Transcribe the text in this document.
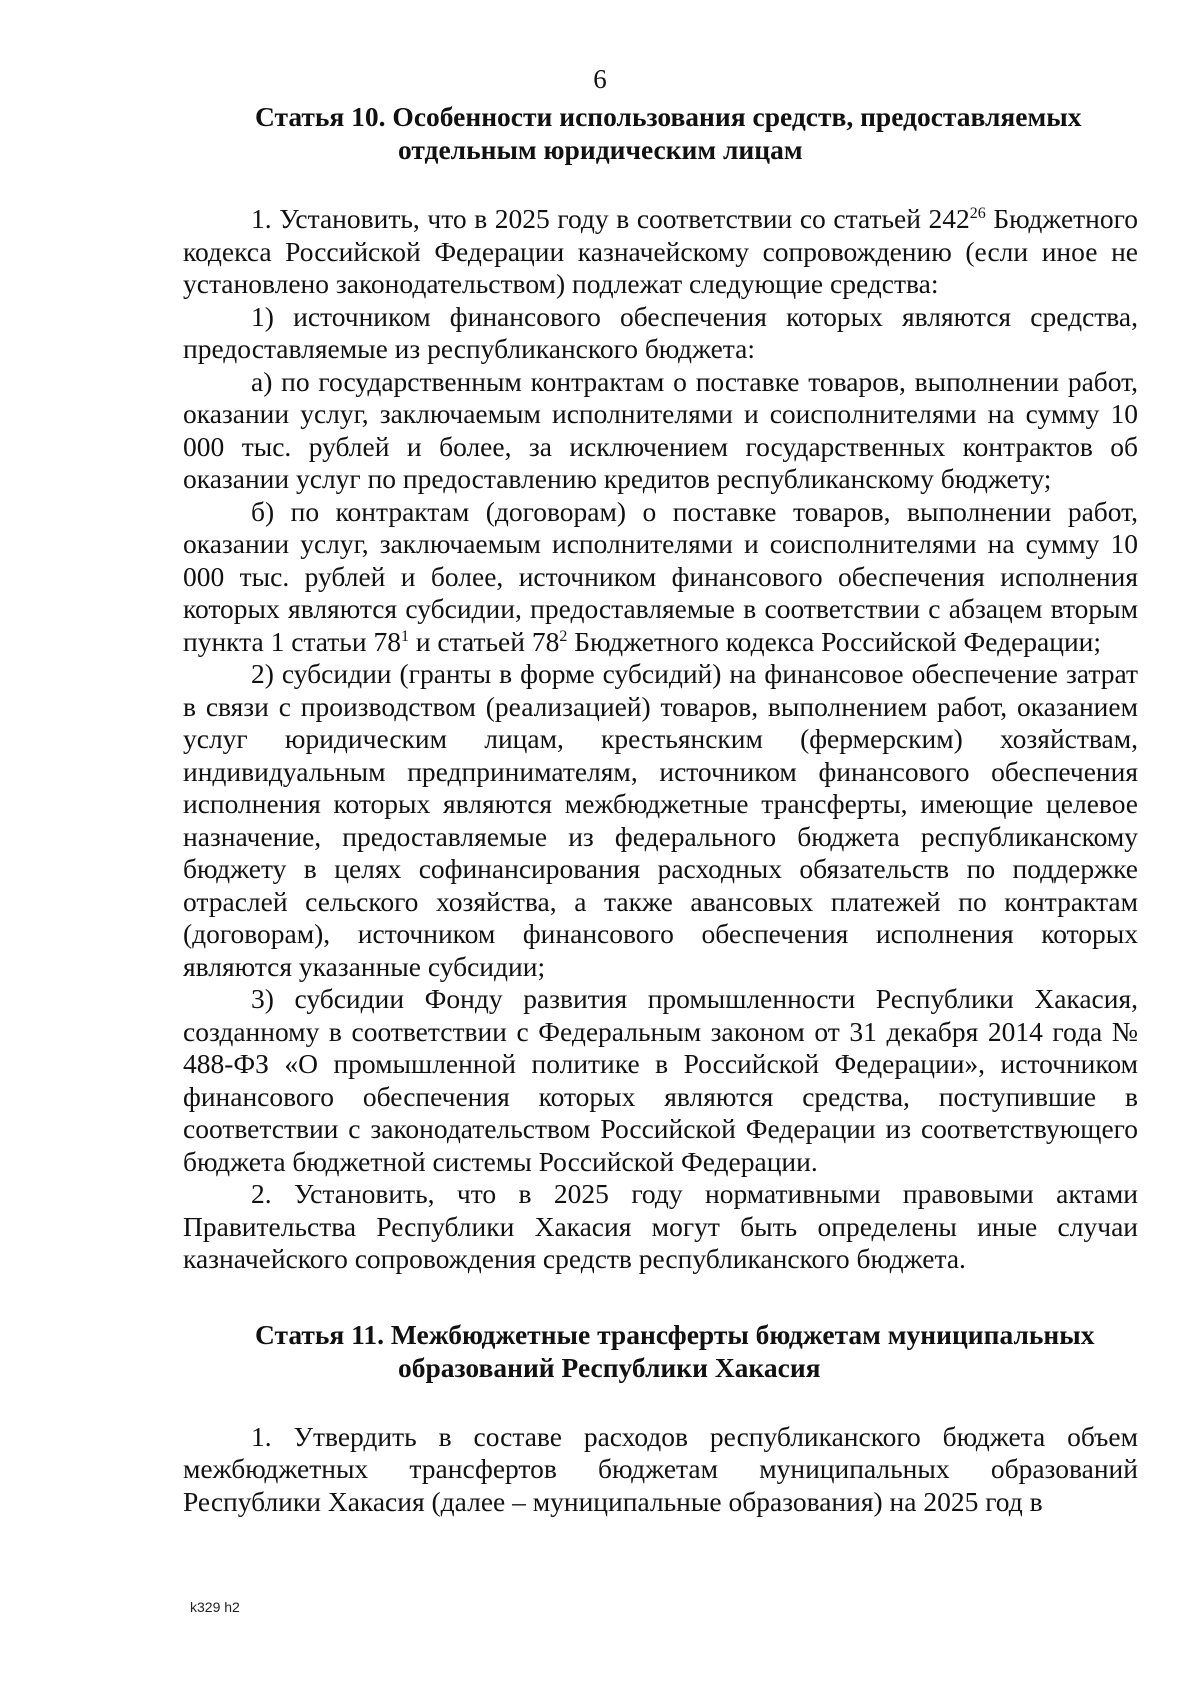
6
Статья 10. Особенности использования средств, предоставляемых
отдельным юридическим лицам

1. Установить, что в 2025 году в соответствии со статьей $242^{26}$ Бюджетного кодекса Российской Федерации казначейскому сопровождению (если иное не установлено законодательством) подлежат следующие средства:

1) источником финансового обеспечения которых являются средства, предоставляемые из республиканского бюджета:

а) по государственным контрактам о поставке товаров, выполнении работ, оказании услуг, заключаемым исполнителями и соисполнителями на сумму 10 000 тыс. рублей и более, за исключением государственных контрактов об оказании услуг по предоставлению кредитов республиканскому бюджету;

б) по контрактам (договорам) о поставке товаров, выполнении работ, оказании услуг, заключаемым исполнителями и соисполнителями на сумму 10 000 тыс. рублей и более, источником финансового обеспечения исполнения которых являются субсидии, предоставляемые в соответствии с абзацем вторым пункта 1 статьи $78^1$ и статьей $78^2$ Бюджетного кодекса Российской Федерации;

2) субсидии (гранты в форме субсидий) на финансовое обеспечение затрат в связи с производством (реализацией) товаров, выполнением работ, оказанием услуг юридическим лицам, крестьянским (фермерским) хозяйствам, индивидуальным предпринимателям, источником финансового обеспечения исполнения которых являются межбюджетные трансферты, имеющие целевое назначение, предоставляемые из федерального бюджета республиканскому бюджету в целях софинансирования расходных обязательств по поддержке отраслей сельского хозяйства, а также авансовых платежей по контрактам (договорам), источником финансового обеспечения исполнения которых являются указанные субсидии;

3) субсидии Фонду развития промышленности Республики Хакасия, созданному в соответствии с Федеральным законом от 31 декабря 2014 года № 488-ФЗ «О промышленной политике в Российской Федерации», источником финансового обеспечения которых являются средства, поступившие в соответствии с законодательством Российской Федерации из соответствующего бюджета бюджетной системы Российской Федерации.

2. Установить, что в 2025 году нормативными правовыми актами Правительства Республики Хакасия могут быть определены иные случаи казначейского сопровождения средств республиканского бюджета.

Статья 11. Межбюджетные трансферты бюджетам муниципальных
образований Республики Хакасия

1. Утвердить в составе расходов республиканского бюджета объем межбюджетных трансфертов бюджетам муниципальных образований Республики Хакасия (далее – муниципальные образования) на 2025 год в

k329 h2
